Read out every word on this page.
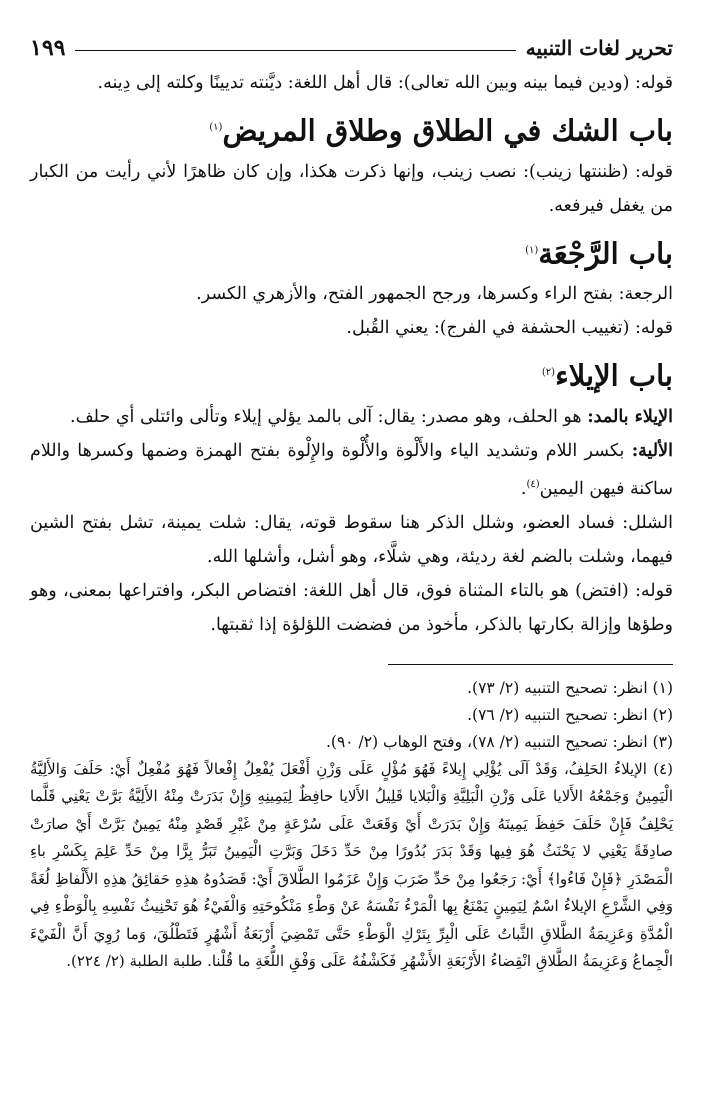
تحرير لغات التنبيه
١٩٩

قوله: (ودين فيما بينه وبين الله تعالى): قال أهل اللغة: ديَّنته تديينًا وكلته إلى دِينه.

باب الشك في الطلاق وطلاق المريض$^{(١)}$

قوله: (ظننتها زينب): نصب زينب، وإنها ذكرت هكذا، وإن كان ظاهرًا لأني رأيت من الكبار من يغفل فيرفعه.

باب الرَّجْعَة$^{(١)}$

الرجعة: بفتح الراء وكسرها، ورجح الجمهور الفتح، والأزهري الكسر.

قوله: (تغييب الحشفة في الفرج): يعني القُبل.

باب الإيلاء$^{(٢)}$

الإيلاء بالمد: هو الحلف، وهو مصدر: يقال: آلى بالمد يؤلي إيلاء وتألى وائتلى أي حلف.

الألية: بكسر اللام وتشديد الياء والأَلْوة والأُلْوة والإِلْوة بفتح الهمزة وضمها وكسرها واللام ساكنة فيهن اليمين$^{(٤)}$.

الشلل: فساد العضو، وشلل الذكر هنا سقوط قوته، يقال: شلت يمينة، تشل بفتح الشين فيهما، وشلت بالضم لغة رديئة، وهي شلَّاء، وهو أشل، وأشلها الله.

قوله: (افتض) هو بالتاء المثناة فوق، قال أهل اللغة: افتضاص البكر، وافتراعها بمعنى، وهو وطؤها وإزالة بكارتها بالذكر، مأخوذ من فضضت اللؤلؤة إذا ثقبتها.

(١) انظر: تصحيح التنبيه (٢/ ٧٣).

(٢) انظر: تصحيح التنبيه (٢/ ٧٦).

(٣) انظر: تصحيح التنبيه (٢/ ٧٨)، وفتح الوهاب (٢/ ٩٠).

(٤) الإيلاءُ الحَلِفُ، وَقَدْ آلَى يُؤْلِي إِيلاءً فَهُوَ مُؤْلٍ عَلَى وَزْنِ أَفْعَلَ يُفْعِلُ إِفْعالاً فَهُوَ مُفْعِلٌ أَيْ: حَلَفَ وَالأَلِيَّةُ الْيَمِينُ وَجَمْعُهُ الأَلايا عَلَى وَزْنِ الْبَلِيَّةِ وَالْبَلايا قَلِيلُ الأَلايا حافِظٌ لِيَمِينِهِ وَإِنْ بَدَرَتْ مِنْهُ الأَلِيَّةُ بَرَّتْ يَعْنِي قَلَّما يَحْلِفُ فَإِنْ حَلَفَ حَفِظَ يَمِينَهُ وَإِنْ بَدَرَتْ أَيْ وَقَعَتْ عَلَى سُرْعَةٍ مِنْ غَيْرِ قَصْدٍ مِنْهُ يَمِينٌ بَرَّتْ أَيْ صارَتْ صادِقَةً يَعْنِي لا يَحْنَثُ هُوَ فِيها وَقَدْ بَدَرَ بُدُورًا مِنْ حَدِّ دَخَلَ وَبَرَّتِ الْيَمِينُ تَبَرُّ بِرًّا مِنْ حَدِّ عَلِمَ بِكَسْرِ باءِ الْمَصْدَرِ ﴿فَإِنْ فَاءُوا﴾ أَيْ: رَجَعُوا مِنْ حَدِّ ضَرَبَ وَإِنْ عَزَمُوا الطَّلاقَ أَيْ: قَصَدُوهُ هذِهِ حَقائِقُ هذِهِ الأَلْفاظِ لُغَةً وَفِي الشَّرْعِ الإيلاءُ اسْمٌ لِيَمِينٍ يَمْنَعُ بِها الْمَرْءُ نَفْسَهُ عَنْ وَطْءِ مَنْكُوحَتِهِ وَالْفَيْءُ هُوَ تَحْنِيثُ نَفْسِهِ بِالْوَطْءِ فِي الْمُدَّةِ وَعَزِيمَةُ الطَّلاقِ الثَّباتُ عَلَى الْبِرِّ بِتَرْكِ الْوَطْءِ حَتَّى تَمْضِيَ أَرْبَعَةُ أَشْهُرٍ فَتَطْلُقَ، وَما رُوِيَ أَنَّ الْفَيْءَ الْجِماعُ وَعَزِيمَةُ الطَّلاقِ انْقِضاءُ الأَرْبَعَةِ الأَشْهُرِ فَكَشْفُهُ عَلَى وَفْقِ اللُّغَةِ ما قُلْنا. طلبة الطلبة (٢/ ٢٢٤).
